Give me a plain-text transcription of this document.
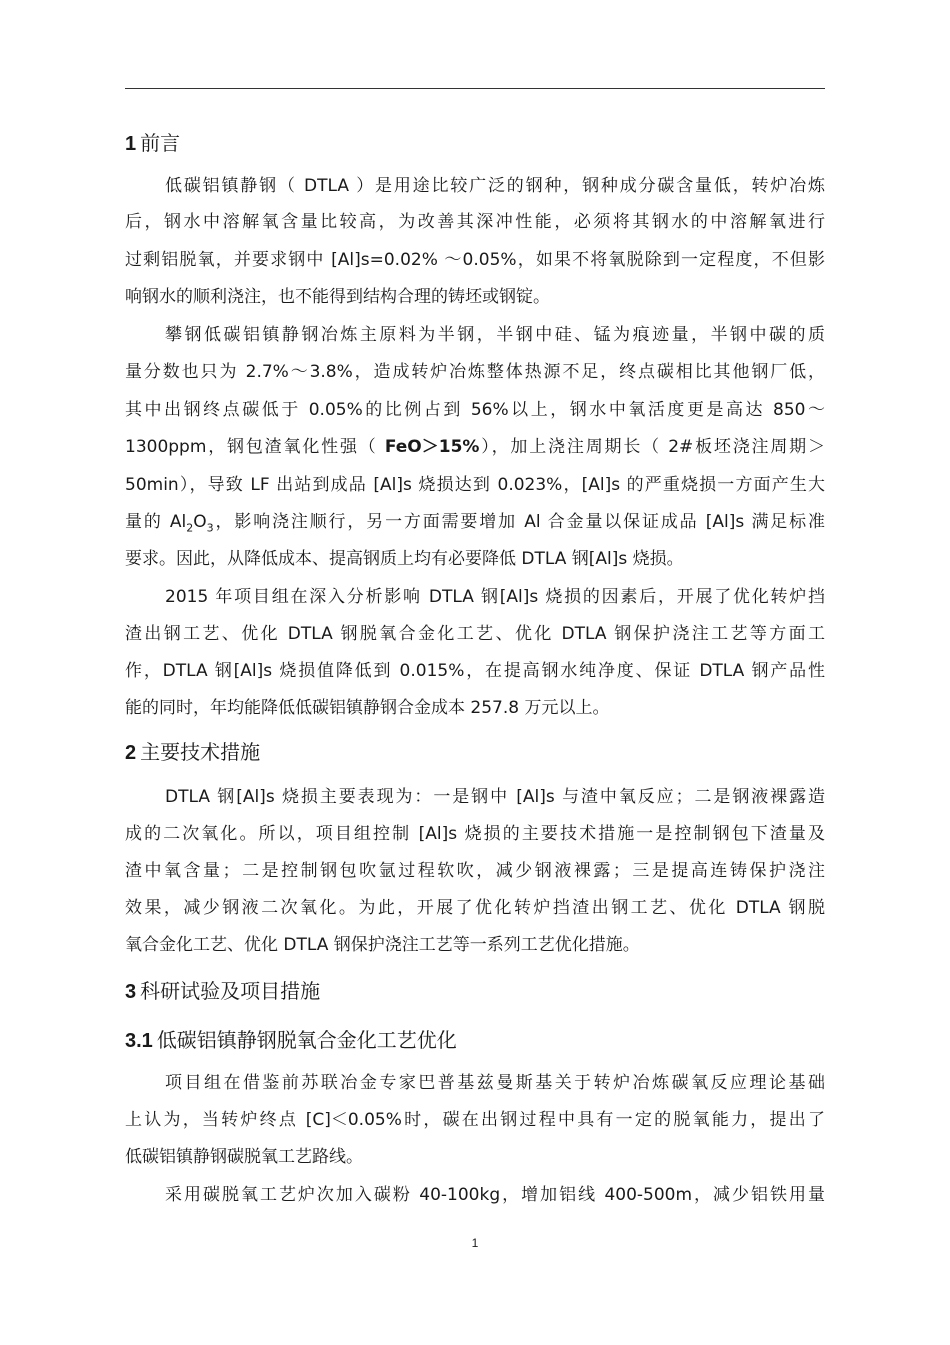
1 前言
低碳铝镇静钢（ DTLA ）是用途比较广泛的钢种，钢种成分碳含量低，转炉冶炼
后，钢水中溶解氧含量比较高，为改善其深冲性能，必须将其钢水的中溶解氧进行
过剩铝脱氧，并要求钢中 [Al]s=0.02% ～0.05%，如果不将氧脱除到一定程度，不但影
响钢水的顺利浇注，也不能得到结构合理的铸坯或钢锭。
攀钢低碳铝镇静钢冶炼主原料为半钢，半钢中硅、锰为痕迹量，半钢中碳的质
量分数也只为 2.7%～3.8%，造成转炉冶炼整体热源不足，终点碳相比其他钢厂低，
其中出钢终点碳低于 0.05%的比例占到 56%以上，钢水中氧活度更是高达 850～
1300ppm，钢包渣氧化性强（ FeO＞15%），加上浇注周期长（ 2#板坯浇注周期＞
50min），导致 LF 出站到成品 [Al]s 烧损达到 0.023%，[Al]s 的严重烧损一方面产生大
量的 $Al_2O_3$，影响浇注顺行，另一方面需要增加 Al 合金量以保证成品 [Al]s 满足标准
要求。因此，从降低成本、提高钢质上均有必要降低 DTLA 钢[Al]s 烧损。
2015 年项目组在深入分析影响 DTLA 钢[Al]s 烧损的因素后，开展了优化转炉挡
渣出钢工艺、优化 DTLA 钢脱氧合金化工艺、优化 DTLA 钢保护浇注工艺等方面工
作，DTLA 钢[Al]s 烧损值降低到 0.015%，在提高钢水纯净度、保证 DTLA 钢产品性
能的同时，年均能降低低碳铝镇静钢合金成本 257.8 万元以上。
2 主要技术措施
DTLA 钢[Al]s 烧损主要表现为：一是钢中 [Al]s 与渣中氧反应；二是钢液裸露造
成的二次氧化。所以，项目组控制 [Al]s 烧损的主要技术措施一是控制钢包下渣量及
渣中氧含量；二是控制钢包吹氩过程软吹，减少钢液裸露；三是提高连铸保护浇注
效果，减少钢液二次氧化。为此，开展了优化转炉挡渣出钢工艺、优化 DTLA 钢脱
氧合金化工艺、优化 DTLA 钢保护浇注工艺等一系列工艺优化措施。
3 科研试验及项目措施
3.1 低碳铝镇静钢脱氧合金化工艺优化
项目组在借鉴前苏联冶金专家巴普基兹曼斯基关于转炉冶炼碳氧反应理论基础
上认为，当转炉终点 [C]＜0.05%时，碳在出钢过程中具有一定的脱氧能力，提出了
低碳铝镇静钢碳脱氧工艺路线。
采用碳脱氧工艺炉次加入碳粉 40-100kg，增加铝线 400-500m，减少铝铁用量
1
